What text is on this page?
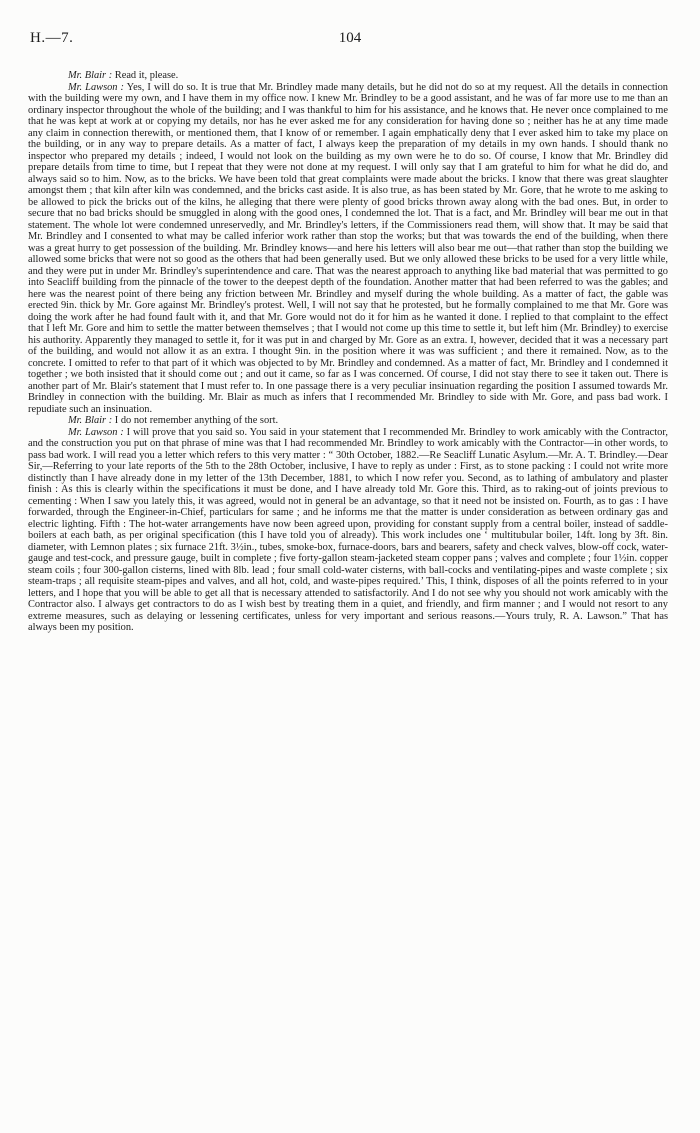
H.—7.	104

Mr. Blair : Read it, please.

Mr. Lawson : Yes, I will do so. It is true that Mr. Brindley made many details, but he did not do so at my request. All the details in connection with the building were my own, and I have them in my office now. I knew Mr. Brindley to be a good assistant, and he was of far more use to me than an ordinary inspector throughout the whole of the building; and I was thankful to him for his assistance, and he knows that. He never once complained to me that he was kept at work at or copying my details, nor has he ever asked me for any consideration for having done so ; neither has he at any time made any claim in connection therewith, or mentioned them, that I know of or remember. I again emphatically deny that I ever asked him to take my place on the building, or in any way to prepare details. As a matter of fact, I always keep the preparation of my details in my own hands. I should thank no inspector who prepared my details ; indeed, I would not look on the building as my own were he to do so. Of course, I know that Mr. Brindley did prepare details from time to time, but I repeat that they were not done at my request. I will only say that I am grateful to him for what he did do, and always said so to him. Now, as to the bricks. We have been told that great complaints were made about the bricks. I know that there was great slaughter amongst them ; that kiln after kiln was condemned, and the bricks cast aside. It is also true, as has been stated by Mr. Gore, that he wrote to me asking to be allowed to pick the bricks out of the kilns, he alleging that there were plenty of good bricks thrown away along with the bad ones. But, in order to secure that no bad bricks should be smuggled in along with the good ones, I condemned the lot. That is a fact, and Mr. Brindley will bear me out in that statement. The whole lot were condemned unreservedly, and Mr. Brindley's letters, if the Commissioners read them, will show that. It may be said that Mr. Brindley and I consented to what may be called inferior work rather than stop the works; but that was towards the end of the building, when there was a great hurry to get possession of the building. Mr. Brindley knows—and here his letters will also bear me out—that rather than stop the building we allowed some bricks that were not so good as the others that had been generally used. But we only allowed these bricks to be used for a very little while, and they were put in under Mr. Brindley's superintendence and care. That was the nearest approach to anything like bad material that was permitted to go into Seacliff building from the pinnacle of the tower to the deepest depth of the foundation. Another matter that had been referred to was the gables; and here was the nearest point of there being any friction between Mr. Brindley and myself during the whole building. As a matter of fact, the gable was erected 9in. thick by Mr. Gore against Mr. Brindley's protest. Well, I will not say that he protested, but he formally complained to me that Mr. Gore was doing the work after he had found fault with it, and that Mr. Gore would not do it for him as he wanted it done. I replied to that complaint to the effect that I left Mr. Gore and him to settle the matter between themselves ; that I would not come up this time to settle it, but left him (Mr. Brindley) to exercise his authority. Apparently they managed to settle it, for it was put in and charged by Mr. Gore as an extra. I, however, decided that it was a necessary part of the building, and would not allow it as an extra. I thought 9in. in the position where it was was sufficient ; and there it remained. Now, as to the concrete. I omitted to refer to that part of it which was objected to by Mr. Brindley and condemned. As a matter of fact, Mr. Brindley and I condemned it together ; we both insisted that it should come out ; and out it came, so far as I was concerned. Of course, I did not stay there to see it taken out. There is another part of Mr. Blair's statement that I must refer to. In one passage there is a very peculiar insinuation regarding the position I assumed towards Mr. Brindley in connection with the building. Mr. Blair as much as infers that I recommended Mr. Brindley to side with Mr. Gore, and pass bad work. I repudiate such an insinuation.

Mr. Blair : I do not remember anything of the sort.

Mr. Lawson : I will prove that you said so. You said in your statement that I recommended Mr. Brindley to work amicably with the Contractor, and the construction you put on that phrase of mine was that I had recommended Mr. Brindley to work amicably with the Contractor—in other words, to pass bad work. I will read you a letter which refers to this very matter : “ 30th October, 1882.—Re Seacliff Lunatic Asylum.—Mr. A. T. Brindley.—Dear Sir,—Referring to your late reports of the 5th to the 28th October, inclusive, I have to reply as under : First, as to stone packing : I could not write more distinctly than I have already done in my letter of the 13th December, 1881, to which I now refer you. Second, as to lathing of ambulatory and plaster finish : As this is clearly within the specifications it must be done, and I have already told Mr. Gore this. Third, as to raking-out of joints previous to cementing : When I saw you lately this, it was agreed, would not in general be an advantage, so that it need not be insisted on. Fourth, as to gas : I have forwarded, through the Engineer-in-Chief, particulars for same ; and he informs me that the matter is under consideration as between ordinary gas and electric lighting. Fifth : The hot-water arrangements have now been agreed upon, providing for constant supply from a central boiler, instead of saddle-boilers at each bath, as per original specification (this I have told you of already). This work includes one ‘ multitubular boiler, 14ft. long by 3ft. 8in. diameter, with Lemnon plates ; six furnace 21ft. 3½in., tubes, smoke-box, furnace-doors, bars and bearers, safety and check valves, blow-off cock, water-gauge and test-cock, and pressure gauge, built in complete ; five forty-gallon steam-jacketed steam copper pans ; valves and complete ; four 1½in. copper steam coils ; four 300-gallon cisterns, lined with 8lb. lead ; four small cold-water cisterns, with ball-cocks and ventilating-pipes and waste complete ; six steam-traps ; all requisite steam-pipes and valves, and all hot, cold, and waste-pipes required.’ This, I think, disposes of all the points referred to in your letters, and I hope that you will be able to get all that is necessary attended to satisfactorily. And I do not see why you should not work amicably with the Contractor also. I always get contractors to do as I wish best by treating them in a quiet, and friendly, and firm manner ; and I would not resort to any extreme measures, such as delaying or lessening certificates, unless for very important and serious reasons.—Yours truly, R. A. Lawson.” That has always been my position.
